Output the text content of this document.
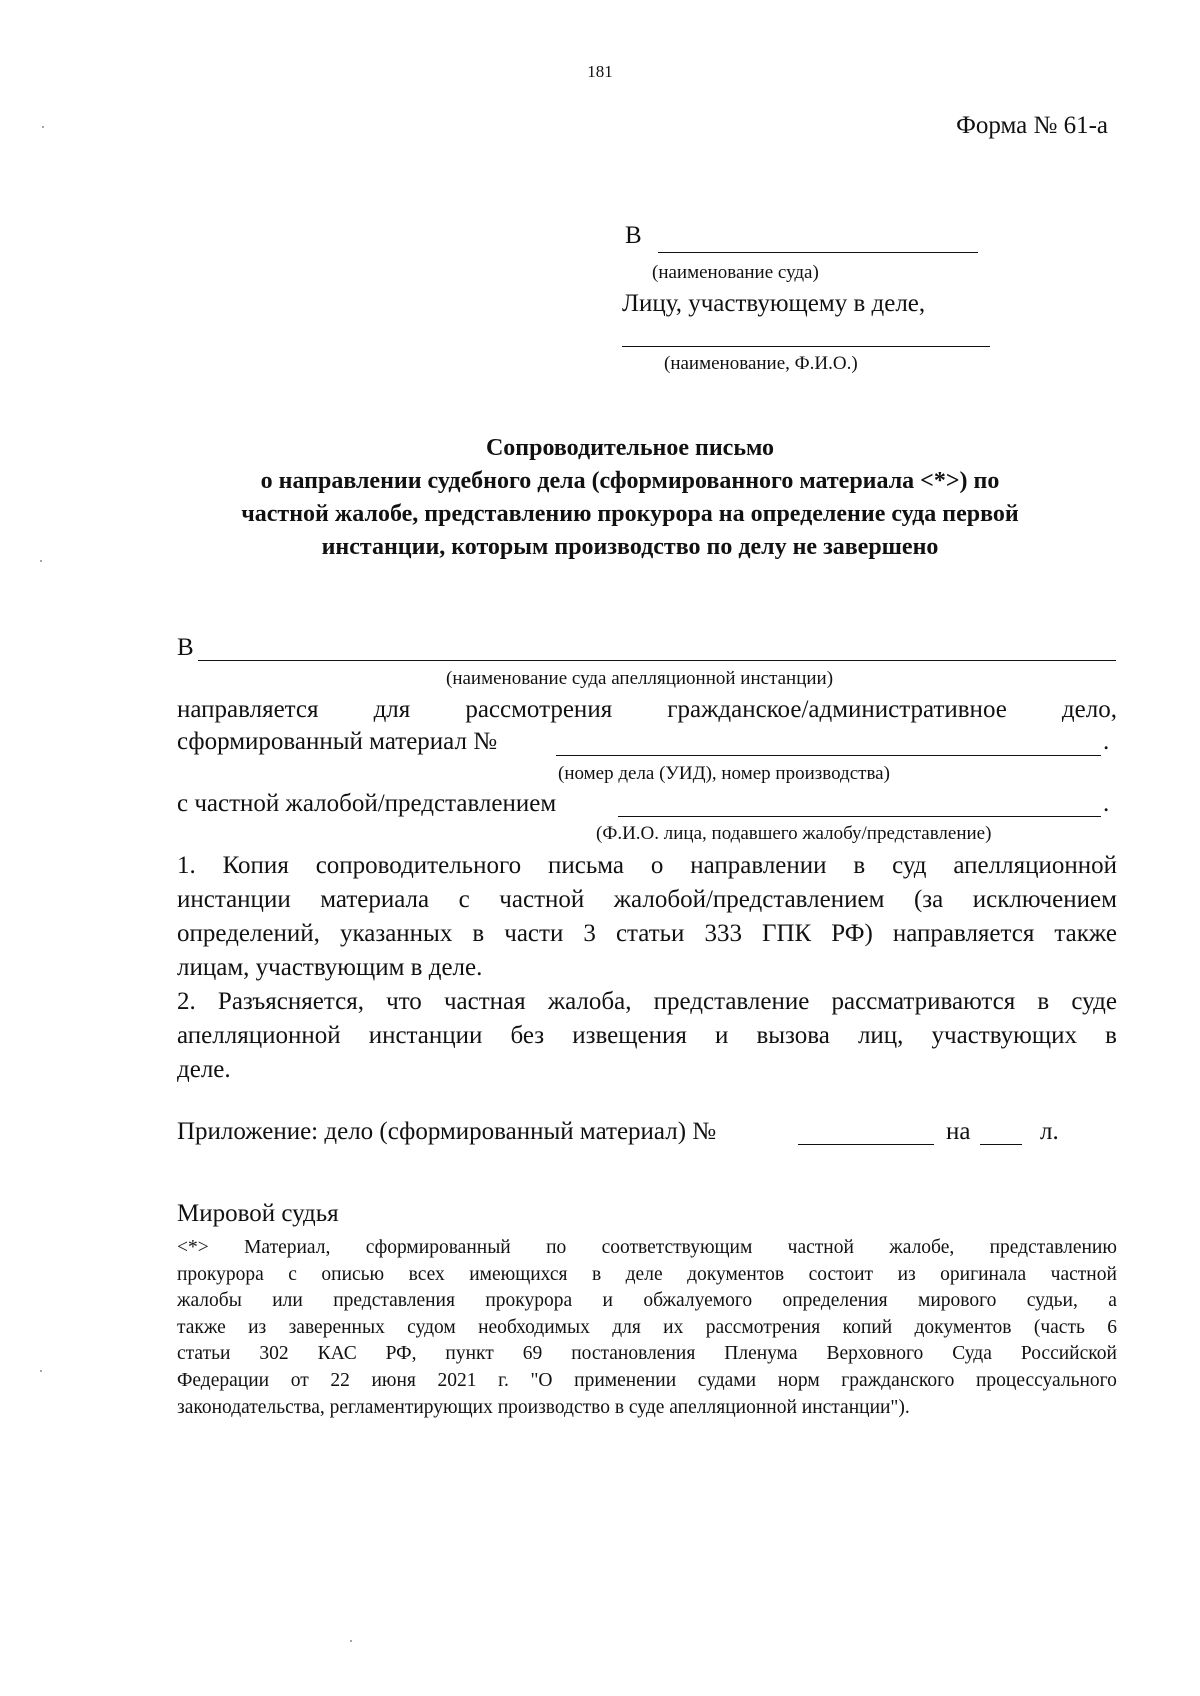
181
Форма № 61-а
В
(наименование суда)
Лицу, участвующему в деле,
(наименование, Ф.И.О.)
Сопроводительное письмо
о направлении судебного дела (сформированного материала <*>) по
частной жалобе, представлению прокурора на определение суда первой
инстанции, которым производство по делу не завершено
В
(наименование суда апелляционной инстанции)
направляется для рассмотрения гражданское/административное дело,
сформированный материал №	.
(номер дела (УИД), номер производства)
с частной жалобой/представлением	.
(Ф.И.О. лица, подавшего жалобу/представление)
1. Копия сопроводительного письма о направлении в суд апелляционной
инстанции материала с частной жалобой/представлением (за исключением
определений, указанных в части 3 статьи 333 ГПК РФ) направляется также
лицам, участвующим в деле.
2. Разъясняется, что частная жалоба, представление рассматриваются в суде
апелляционной инстанции без извещения и вызова лиц, участвующих в
деле.
Приложение: дело (сформированный материал) №	на	л.
Мировой судья
<*> Материал, сформированный по соответствующим частной жалобе, представлению
прокурора с описью всех имеющихся в деле документов состоит из оригинала частной
жалобы или представления прокурора и обжалуемого определения мирового судьи, а
также из заверенных судом необходимых для их рассмотрения копий документов (часть 6
статьи 302 КАС РФ, пункт 69 постановления Пленума Верховного Суда Российской
Федерации от 22 июня 2021 г. "О применении судами норм гражданского процессуального
законодательства, регламентирующих производство в суде апелляционной инстанции").
